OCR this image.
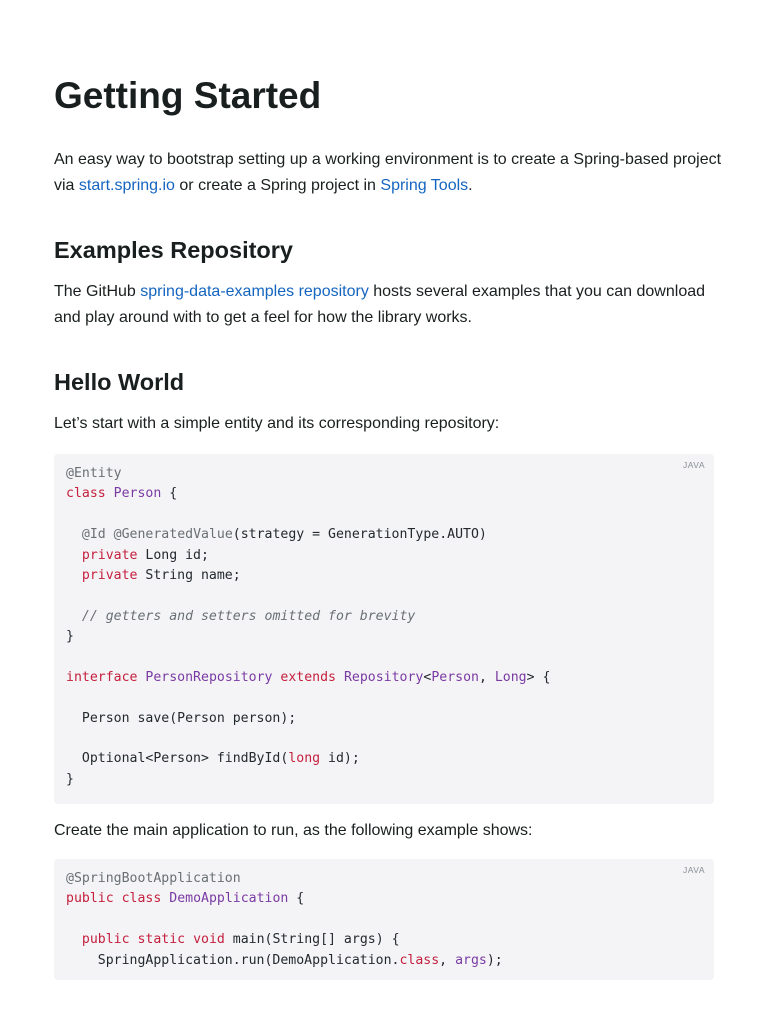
Getting Started

An easy way to bootstrap setting up a working environment is to create a Spring-based project via start.spring.io or create a Spring project in Spring Tools.

Examples Repository

The GitHub spring-data-examples repository hosts several examples that you can download and play around with to get a feel for how the library works.

Hello World

Let’s start with a simple entity and its corresponding repository:

JAVA
@Entity
class Person {
@Id @GeneratedValue(strategy = GenerationType.AUTO)
private Long id;
private String name;
// getters and setters omitted for brevity
}
interface PersonRepository extends Repository<Person, Long> {
Person save(Person person);
Optional<Person> findById(long id);
}

Create the main application to run, as the following example shows:

JAVA
@SpringBootApplication
public class DemoApplication {
public static void main(String[] args) {
SpringApplication.run(DemoApplication.class, args);
